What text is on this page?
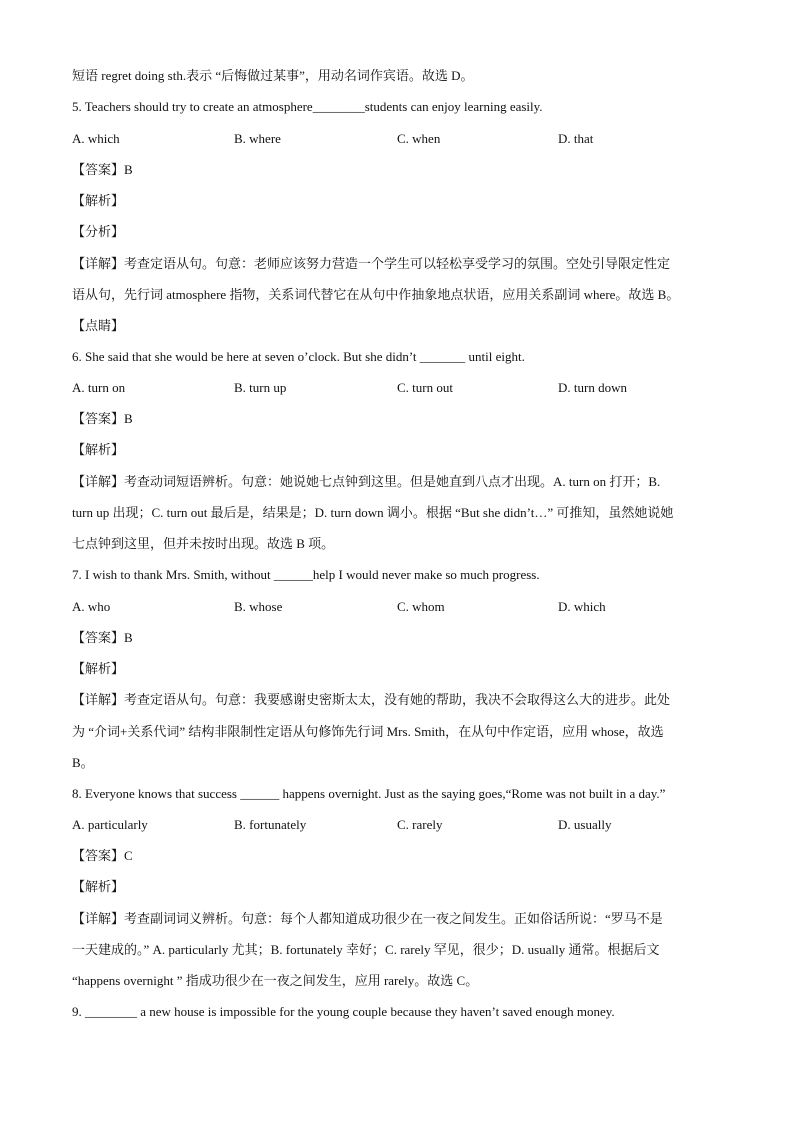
短语 regret doing sth.表示 “后悔做过某事”，用动名词作宾语。故选 D。
5. Teachers should try to create an atmosphere________students can enjoy learning easily.
A. which	B. where	C. when	D. that
【答案】B
【解析】
【分析】
【详解】考查定语从句。句意：老师应该努力营造一个学生可以轻松享受学习的氛围。空处引导限定性定
语从句，先行词 atmosphere 指物，关系词代替它在从句中作抽象地点状语，应用关系副词 where。故选 B。
【点睛】
6. She said that she would be here at seven o’clock. But she didn’t _______ until eight.
A. turn on	B. turn up	C. turn out	D. turn down
【答案】B
【解析】
【详解】考查动词短语辨析。句意：她说她七点钟到这里。但是她直到八点才出现。A. turn on 打开；B.
turn up 出现；C. turn out 最后是，结果是；D. turn down 调小。根据 “But she didn’t…” 可推知，虽然她说她
七点钟到这里，但并未按时出现。故选 B 项。
7. I wish to thank Mrs. Smith, without ______help I would never make so much progress.
A. who	B. whose	C. whom	D. which
【答案】B
【解析】
【详解】考查定语从句。句意：我要感谢史密斯太太，没有她的帮助，我决不会取得这么大的进步。此处
为 “介词+关系代词” 结构非限制性定语从句修饰先行词 Mrs. Smith，在从句中作定语，应用 whose，故选
B。
8. Everyone knows that success ______ happens overnight. Just as the saying goes,“Rome was not built in a day.”
A. particularly	B. fortunately	C. rarely	D. usually
【答案】C
【解析】
【详解】考查副词词义辨析。句意：每个人都知道成功很少在一夜之间发生。正如俗话所说：“罗马不是
一天建成的。” A. particularly 尤其；B. fortunately 幸好；C. rarely 罕见，很少；D. usually 通常。根据后文
“happens overnight ” 指成功很少在一夜之间发生，应用 rarely。故选 C。
9. ________ a new house is impossible for the young couple because they haven’t saved enough money.
